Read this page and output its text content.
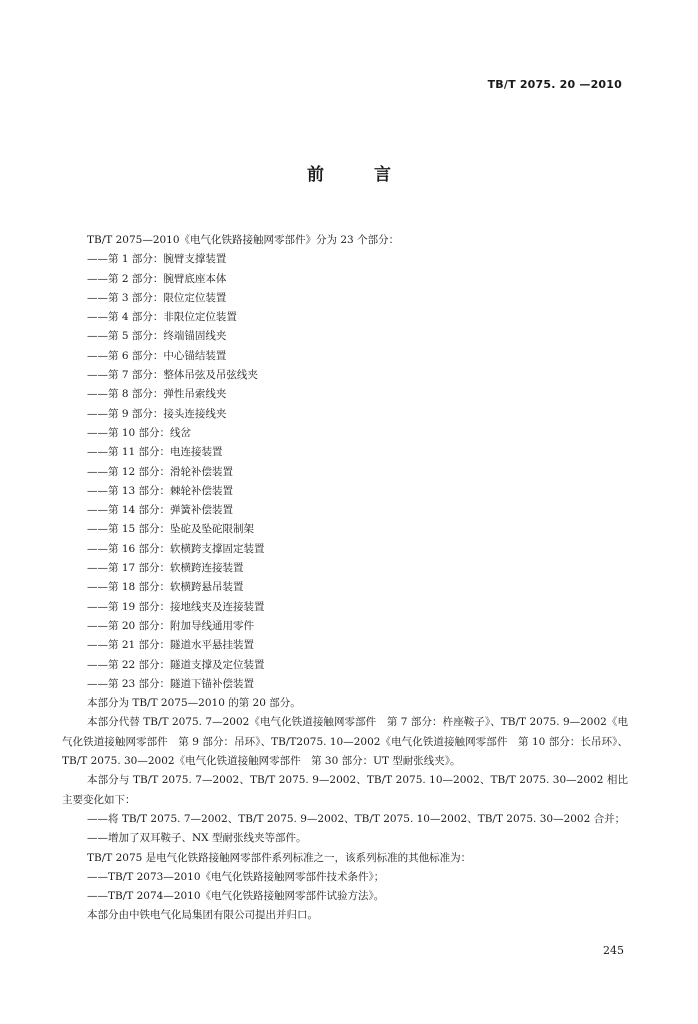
TB/T 2075. 20 —2010
前 言
TB/T 2075—2010《电气化铁路接触网零部件》分为 23 个部分：
——第 1 部分：腕臂支撑装置
——第 2 部分：腕臂底座本体
——第 3 部分：限位定位装置
——第 4 部分：非限位定位装置
——第 5 部分：终端锚固线夹
——第 6 部分：中心锚结装置
——第 7 部分：整体吊弦及吊弦线夹
——第 8 部分：弹性吊索线夹
——第 9 部分：接头连接线夹
——第 10 部分：线岔
——第 11 部分：电连接装置
——第 12 部分：滑轮补偿装置
——第 13 部分：棘轮补偿装置
——第 14 部分：弹簧补偿装置
——第 15 部分：坠砣及坠砣限制架
——第 16 部分：软横跨支撑固定装置
——第 17 部分：软横跨连接装置
——第 18 部分：软横跨悬吊装置
——第 19 部分：接地线夹及连接装置
——第 20 部分：附加导线通用零件
——第 21 部分：隧道水平悬挂装置
——第 22 部分：隧道支撑及定位装置
——第 23 部分：隧道下锚补偿装置
本部分为 TB/T 2075—2010 的第 20 部分。
本部分代替 TB/T 2075. 7—2002《电气化铁道接触网零部件　第 7 部分：杵座鞍子》、TB/T 2075. 9—2002《电气化铁道接触网零部件　第 9 部分：吊环》、TB/T2075. 10—2002《电气化铁道接触网零部件　第 10 部分：长吊环》、TB/T 2075. 30—2002《电气化铁道接触网零部件　第 30 部分：UT 型耐张线夹》。
本部分与 TB/T 2075. 7—2002、TB/T 2075. 9—2002、TB/T 2075. 10—2002、TB/T 2075. 30—2002 相比主要变化如下：
——将 TB/T 2075. 7—2002、TB/T 2075. 9—2002、TB/T 2075. 10—2002、TB/T 2075. 30—2002 合并；
——增加了双耳鞍子、NX 型耐张线夹等部件。
TB/T 2075 是电气化铁路接触网零部件系列标准之一，该系列标准的其他标准为：
——TB/T 2073—2010《电气化铁路接触网零部件技术条件》；
——TB/T 2074—2010《电气化铁路接触网零部件试验方法》。
本部分由中铁电气化局集团有限公司提出并归口。
245
